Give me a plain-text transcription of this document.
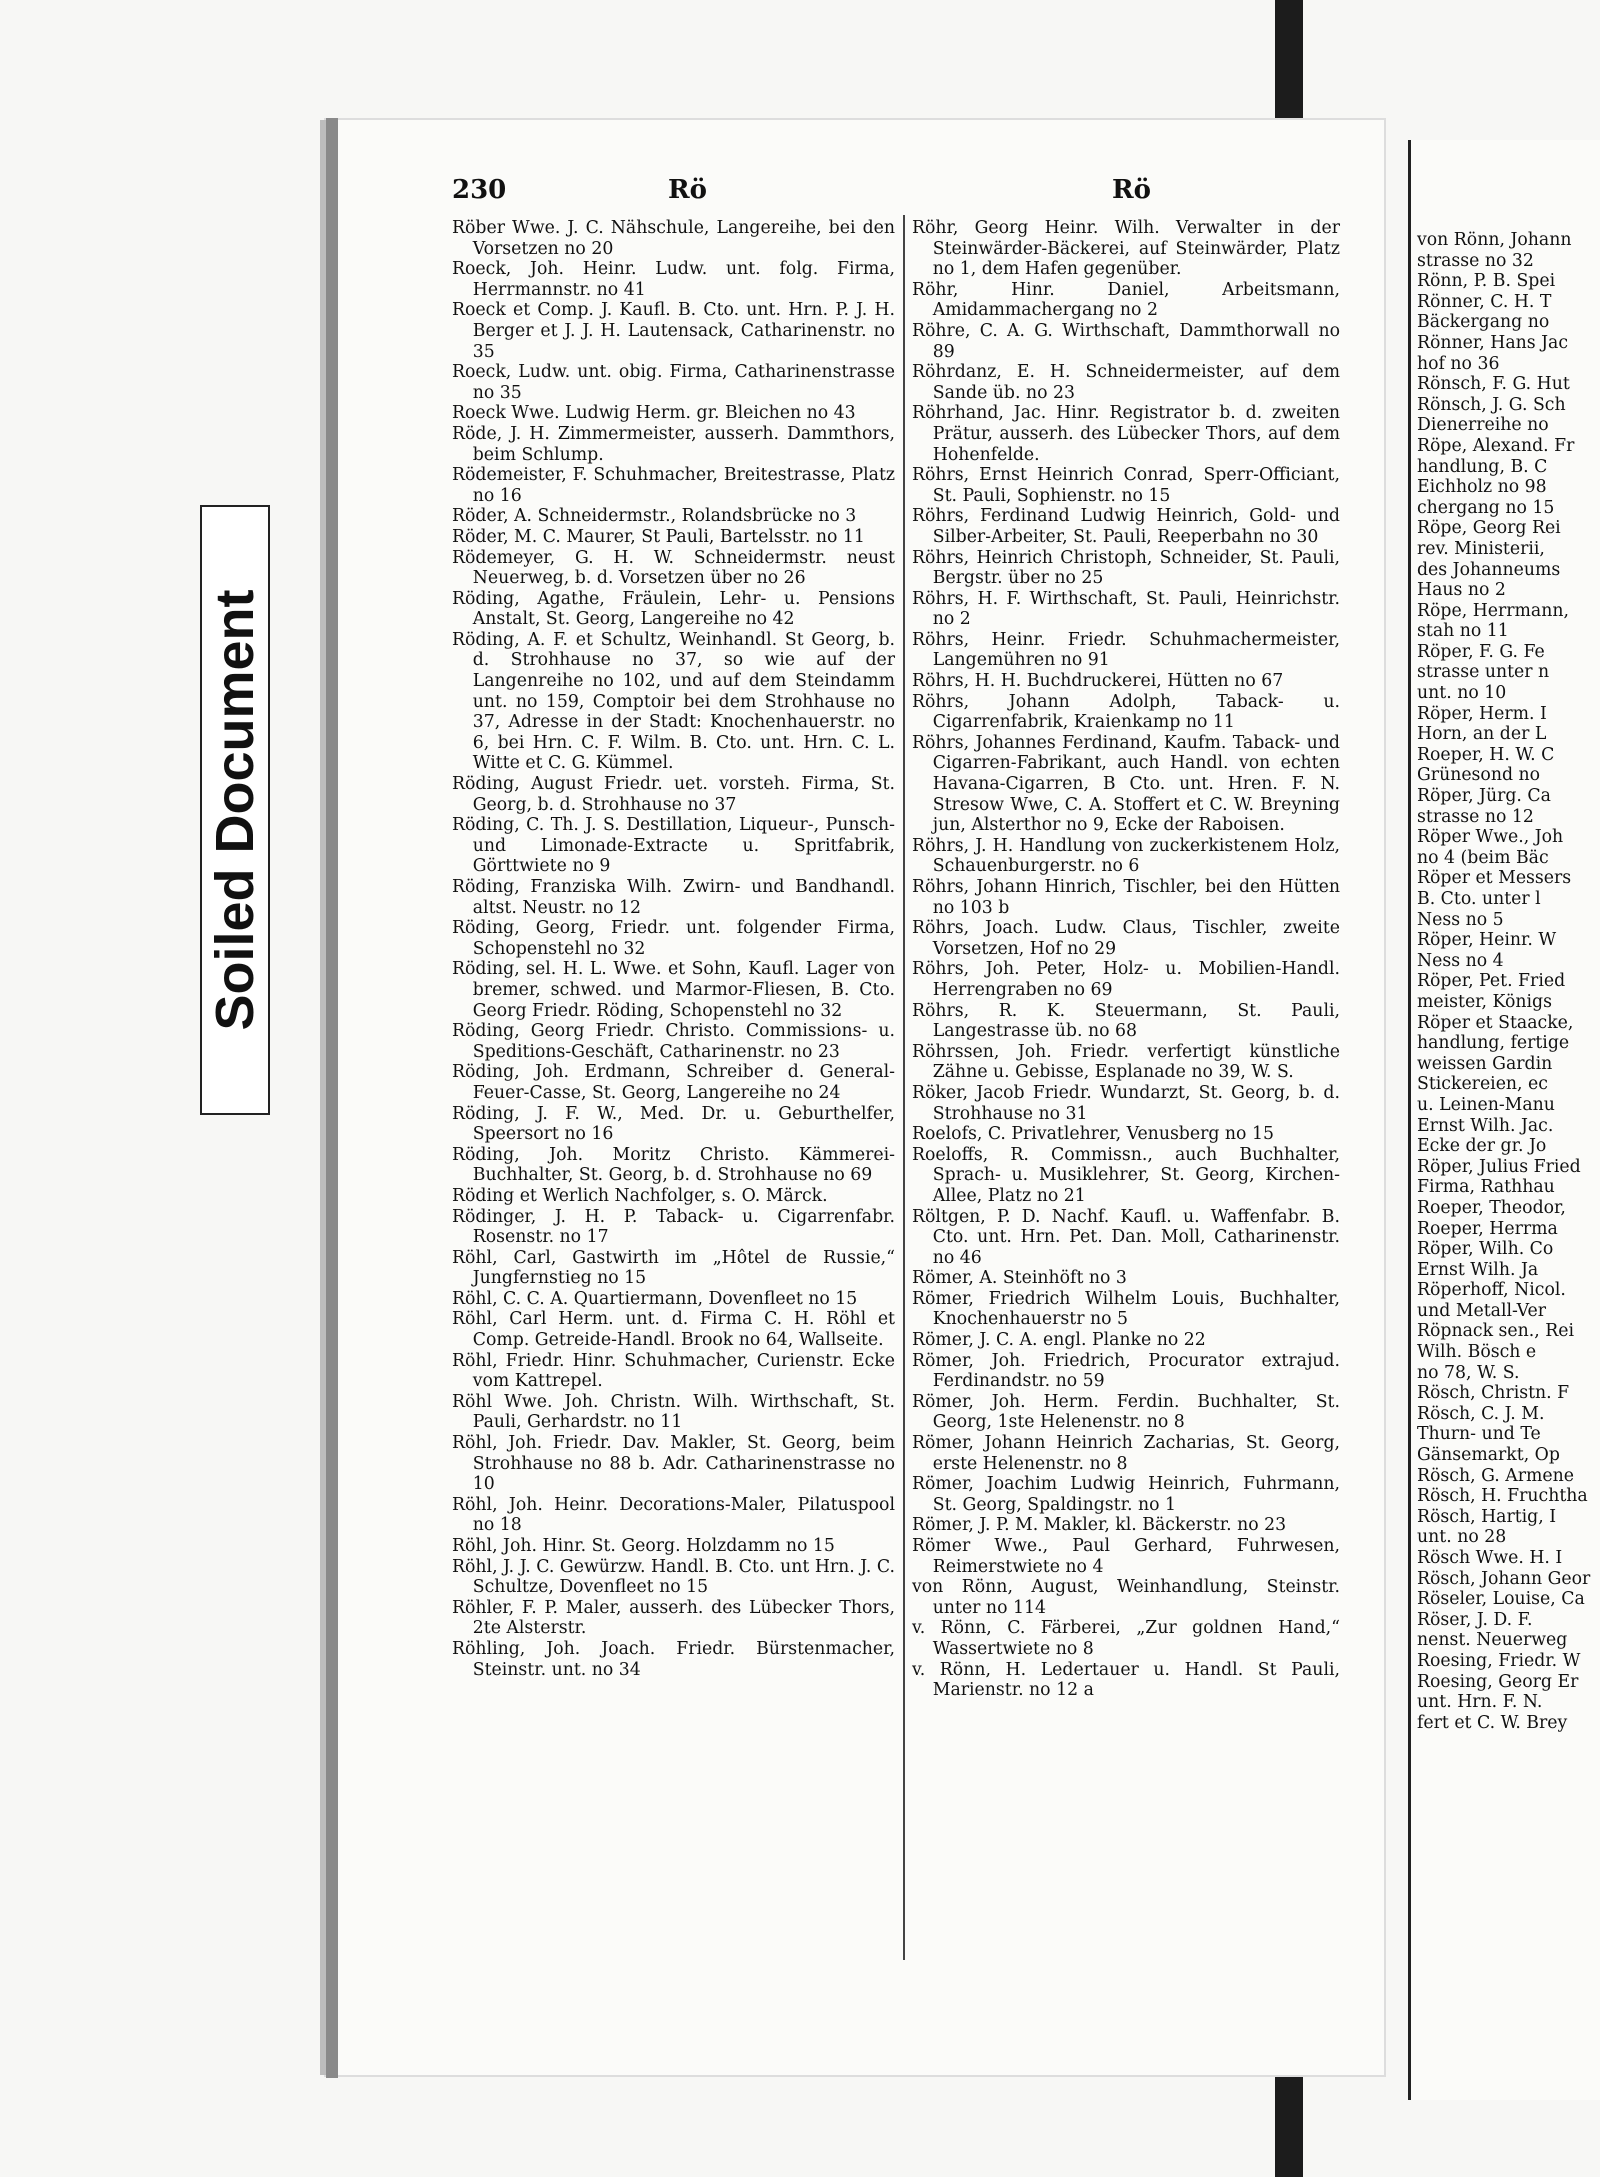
Soiled Document
230	Rö	Rö

Röber Wwe. J. C. Nähschule, Langereihe, bei den Vorsetzen no 20

Roeck, Joh. Heinr. Ludw. unt. folg. Firma, Herrmannstr. no 41

Roeck et Comp. J. Kaufl. B. Cto. unt. Hrn. P. J. H. Berger et J. J. H. Lautensack, Catharinenstr. no 35

Roeck, Ludw. unt. obig. Firma, Catharinenstrasse no 35

Roeck Wwe. Ludwig Herm. gr. Bleichen no 43

Röde, J. H. Zimmermeister, ausserh. Dammthors, beim Schlump.

Rödemeister, F. Schuhmacher, Breitestrasse, Platz no 16

Röder, A. Schneidermstr., Rolandsbrücke no 3

Röder, M. C. Maurer, St Pauli, Bartelsstr. no 11

Rödemeyer, G. H. W. Schneidermstr. neust Neuerweg, b. d. Vorsetzen über no 26

Röding, Agathe, Fräulein, Lehr- u. Pensions Anstalt, St. Georg, Langereihe no 42

Röding, A. F. et Schultz, Weinhandl. St Georg, b. d. Strohhause no 37, so wie auf der Langenreihe no 102, und auf dem Steindamm unt. no 159, Comptoir bei dem Strohhause no 37, Adresse in der Stadt: Knochenhauerstr. no 6, bei Hrn. C. F. Wilm. B. Cto. unt. Hrn. C. L. Witte et C. G. Kümmel.

Röding, August Friedr. uet. vorsteh. Firma, St. Georg, b. d. Strohhause no 37

Röding, C. Th. J. S. Destillation, Liqueur-, Punsch- und Limonade-Extracte u. Spritfabrik, Görttwiete no 9

Röding, Franziska Wilh. Zwirn- und Bandhandl. altst. Neustr. no 12

Röding, Georg, Friedr. unt. folgender Firma, Schopenstehl no 32

Röding, sel. H. L. Wwe. et Sohn, Kaufl. Lager von bremer, schwed. und Marmor-Fliesen, B. Cto. Georg Friedr. Röding, Schopenstehl no 32

Röding, Georg Friedr. Christo. Commissions- u. Speditions-Geschäft, Catharinenstr. no 23

Röding, Joh. Erdmann, Schreiber d. General-Feuer-Casse, St. Georg, Langereihe no 24

Röding, J. F. W., Med. Dr. u. Geburthelfer, Speersort no 16

Röding, Joh. Moritz Christo. Kämmerei-Buchhalter, St. Georg, b. d. Strohhause no 69

Röding et Werlich Nachfolger, s. O. Märck.

Rödinger, J. H. P. Taback- u. Cigarrenfabr. Rosenstr. no 17

Röhl, Carl, Gastwirth im „Hôtel de Russie,“ Jungfernstieg no 15

Röhl, C. C. A. Quartiermann, Dovenfleet no 15

Röhl, Carl Herm. unt. d. Firma C. H. Röhl et Comp. Getreide-Handl. Brook no 64, Wallseite.

Röhl, Friedr. Hinr. Schuhmacher, Curienstr. Ecke vom Kattrepel.

Röhl Wwe. Joh. Christn. Wilh. Wirthschaft, St. Pauli, Gerhardstr. no 11

Röhl, Joh. Friedr. Dav. Makler, St. Georg, beim Strohhause no 88 b. Adr. Catharinenstrasse no 10

Röhl, Joh. Heinr. Decorations-Maler, Pilatuspool no 18

Röhl, Joh. Hinr. St. Georg. Holzdamm no 15

Röhl, J. J. C. Gewürzw. Handl. B. Cto. unt Hrn. J. C. Schultze, Dovenfleet no 15

Röhler, F. P. Maler, ausserh. des Lübecker Thors, 2te Alsterstr.

Röhling, Joh. Joach. Friedr. Bürstenmacher, Steinstr. unt. no 34

Röhr, Georg Heinr. Wilh. Verwalter in der Steinwärder-Bäckerei, auf Steinwärder, Platz no 1, dem Hafen gegenüber.

Röhr, Hinr. Daniel, Arbeitsmann, Amidammachergang no 2

Röhre, C. A. G. Wirthschaft, Dammthorwall no 89

Röhrdanz, E. H. Schneidermeister, auf dem Sande üb. no 23

Röhrhand, Jac. Hinr. Registrator b. d. zweiten Prätur, ausserh. des Lübecker Thors, auf dem Hohenfelde.

Röhrs, Ernst Heinrich Conrad, Sperr-Officiant, St. Pauli, Sophienstr. no 15

Röhrs, Ferdinand Ludwig Heinrich, Gold- und Silber-Arbeiter, St. Pauli, Reeperbahn no 30

Röhrs, Heinrich Christoph, Schneider, St. Pauli, Bergstr. über no 25

Röhrs, H. F. Wirthschaft, St. Pauli, Heinrichstr. no 2

Röhrs, Heinr. Friedr. Schuhmachermeister, Langemühren no 91

Röhrs, H. H. Buchdruckerei, Hütten no 67

Röhrs, Johann Adolph, Taback- u. Cigarrenfabrik, Kraienkamp no 11

Röhrs, Johannes Ferdinand, Kaufm. Taback- und Cigarren-Fabrikant, auch Handl. von echten Havana-Cigarren, B Cto. unt. Hren. F. N. Stresow Wwe, C. A. Stoffert et C. W. Breyning jun, Alsterthor no 9, Ecke der Raboisen.

Röhrs, J. H. Handlung von zuckerkistenem Holz, Schauenburgerstr. no 6

Röhrs, Johann Hinrich, Tischler, bei den Hütten no 103 b

Röhrs, Joach. Ludw. Claus, Tischler, zweite Vorsetzen, Hof no 29

Röhrs, Joh. Peter, Holz- u. Mobilien-Handl. Herrengraben no 69

Röhrs, R. K. Steuermann, St. Pauli, Langestrasse üb. no 68

Röhrssen, Joh. Friedr. verfertigt künstliche Zähne u. Gebisse, Esplanade no 39, W. S.

Röker, Jacob Friedr. Wundarzt, St. Georg, b. d. Strohhause no 31

Roelofs, C. Privatlehrer, Venusberg no 15

Roeloffs, R. Commissn., auch Buchhalter, Sprach- u. Musiklehrer, St. Georg, Kirchen-Allee, Platz no 21

Röltgen, P. D. Nachf. Kaufl. u. Waffenfabr. B. Cto. unt. Hrn. Pet. Dan. Moll, Catharinenstr. no 46

Römer, A. Steinhöft no 3

Römer, Friedrich Wilhelm Louis, Buchhalter, Knochenhauerstr no 5

Römer, J. C. A. engl. Planke no 22

Römer, Joh. Friedrich, Procurator extrajud. Ferdinandstr. no 59

Römer, Joh. Herm. Ferdin. Buchhalter, St. Georg, 1ste Helenenstr. no 8

Römer, Johann Heinrich Zacharias, St. Georg, erste Helenenstr. no 8

Römer, Joachim Ludwig Heinrich, Fuhrmann, St. Georg, Spaldingstr. no 1

Römer, J. P. M. Makler, kl. Bäckerstr. no 23

Römer Wwe., Paul Gerhard, Fuhrwesen, Reimerstwiete no 4

von Rönn, August, Weinhandlung, Steinstr. unter no 114

v. Rönn, C. Färberei, „Zur goldnen Hand,“ Wassertwiete no 8

v. Rönn, H. Ledertauer u. Handl. St Pauli, Marienstr. no 12 a

von Rönn, Johann

strasse no 32

Rönn, P. B. Spei

Rönner, C. H. T

Bäckergang no

Rönner, Hans Jac

hof no 36

Rönsch, F. G. Hut

Rönsch, J. G. Sch

Dienerreihe no

Röpe, Alexand. Fr

handlung, B. C

Eichholz no 98

chergang no 15

Röpe, Georg Rei

rev. Ministerii,

des Johanneums

Haus no 2

Röpe, Herrmann,

stah no 11

Röper, F. G. Fe

strasse unter n

unt. no 10

Röper, Herm. I

Horn, an der L

Roeper, H. W. C

Grünesond no

Röper, Jürg. Ca

strasse no 12

Röper Wwe., Joh

no 4 (beim Bäc

Röper et Messers

B. Cto. unter l

Ness no 5

Röper, Heinr. W

Ness no 4

Röper, Pet. Fried

meister, Königs

Röper et Staacke,

handlung, fertige

weissen Gardin

Stickereien, ec

u. Leinen-Manu

Ernst Wilh. Jac.

Ecke der gr. Jo

Röper, Julius Fried

Firma, Rathhau

Roeper, Theodor,

Roeper, Herrma

Röper, Wilh. Co

Ernst Wilh. Ja

Röperhoff, Nicol.

und Metall-Ver

Röpnack sen., Rei

Wilh. Bösch e

no 78, W. S.

Rösch, Christn. F

Rösch, C. J. M.

Thurn- und Te

Gänsemarkt, Op

Rösch, G. Armene

Rösch, H. Fruchtha

Rösch, Hartig, I

unt. no 28

Rösch Wwe. H. I

Rösch, Johann Geor

Röseler, Louise, Ca

Röser, J. D. F.

nenst. Neuerweg

Roesing, Friedr. W

Roesing, Georg Er

unt. Hrn. F. N.

fert et C. W. Brey
